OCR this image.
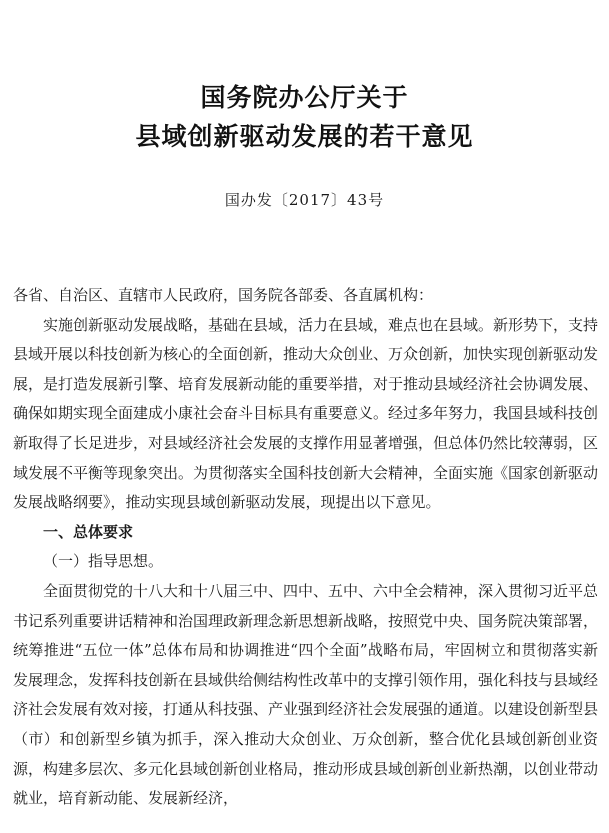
国务院办公厅关于
县域创新驱动发展的若干意见
国办发〔2017〕43号

各省、自治区、直辖市人民政府，国务院各部委、各直属机构：

实施创新驱动发展战略，基础在县域，活力在县域，难点也在县域。新形势下，支持县域开展以科技创新为核心的全面创新，推动大众创业、万众创新，加快实现创新驱动发展，是打造发展新引擎、培育发展新动能的重要举措，对于推动县域经济社会协调发展、确保如期实现全面建成小康社会奋斗目标具有重要意义。经过多年努力，我国县域科技创新取得了长足进步，对县域经济社会发展的支撑作用显著增强，但总体仍然比较薄弱，区域发展不平衡等现象突出。为贯彻落实全国科技创新大会精神，全面实施《国家创新驱动发展战略纲要》，推动实现县域创新驱动发展，现提出以下意见。

一、总体要求

（一）指导思想。

全面贯彻党的十八大和十八届三中、四中、五中、六中全会精神，深入贯彻习近平总书记系列重要讲话精神和治国理政新理念新思想新战略，按照党中央、国务院决策部署，统筹推进“五位一体”总体布局和协调推进“四个全面”战略布局，牢固树立和贯彻落实新发展理念，发挥科技创新在县域供给侧结构性改革中的支撑引领作用，强化科技与县域经济社会发展有效对接，打通从科技强、产业强到经济社会发展强的通道。以建设创新型县（市）和创新型乡镇为抓手，深入推动大众创业、万众创新，整合优化县域创新创业资源，构建多层次、多元化县域创新创业格局，推动形成县域创新创业新热潮，以创业带动就业，培育新动能、发展新经济，
